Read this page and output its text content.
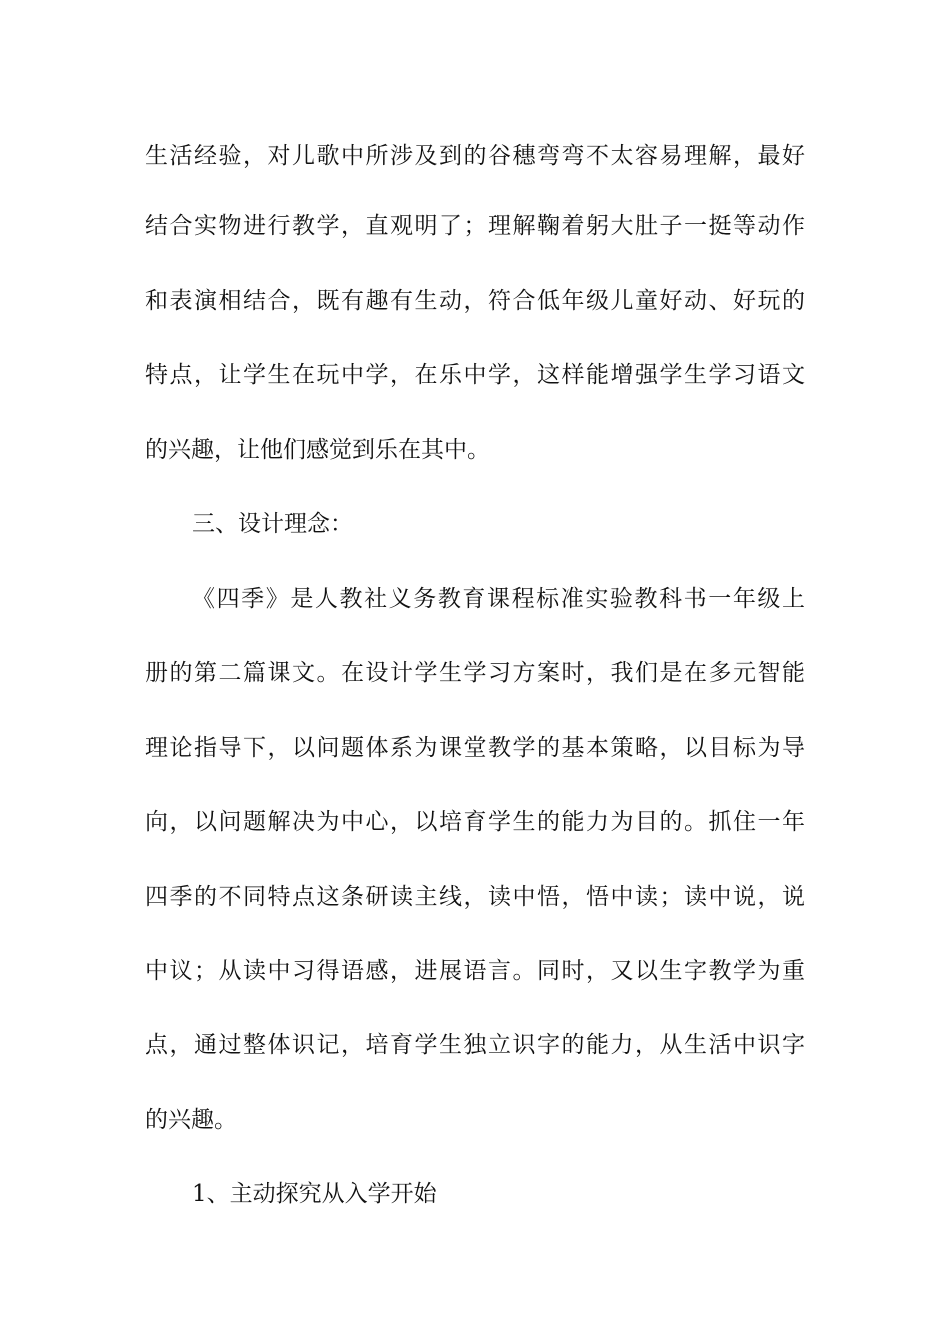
生活经验，对儿歌中所涉及到的谷穗弯弯不太容易理解，最好
结合实物进行教学，直观明了；理解鞠着躬大肚子一挺等动作
和表演相结合，既有趣有生动，符合低年级儿童好动、好玩的
特点，让学生在玩中学，在乐中学，这样能增强学生学习语文
的兴趣，让他们感觉到乐在其中。
三、设计理念：
《四季》是人教社义务教育课程标准实验教科书一年级上
册的第二篇课文。在设计学生学习方案时，我们是在多元智能
理论指导下，以问题体系为课堂教学的基本策略，以目标为导
向，以问题解决为中心，以培育学生的能力为目的。抓住一年
四季的不同特点这条研读主线，读中悟，悟中读；读中说，说
中议；从读中习得语感，进展语言。同时，又以生字教学为重
点，通过整体识记，培育学生独立识字的能力，从生活中识字
的兴趣。
1、主动探究从入学开始
